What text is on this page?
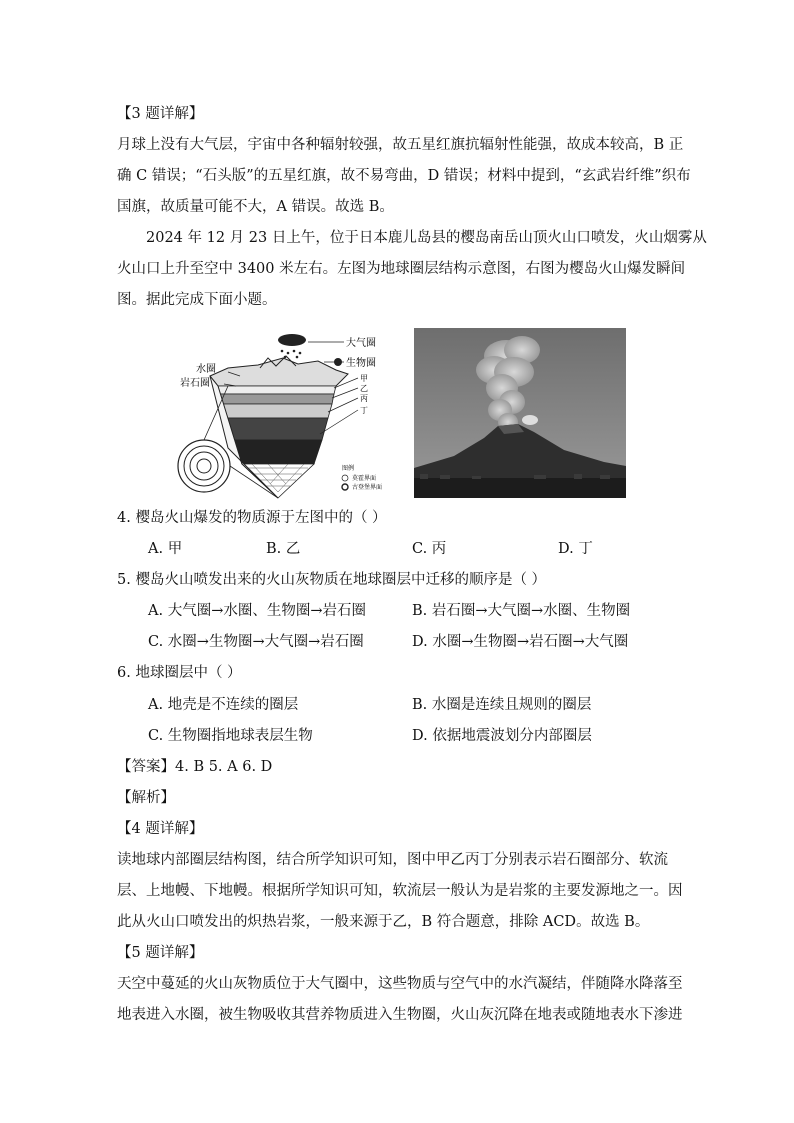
【3 题详解】
月球上没有大气层，宇宙中各种辐射较强，故五星红旗抗辐射性能强，故成本较高，B 正
确 C 错误；“石头版”的五星红旗，故不易弯曲，D 错误；材料中提到，“玄武岩纤维”织布
国旗，故质量可能不大，A 错误。故选 B。
2024 年 12 月 23 日上午，位于日本鹿儿岛县的樱岛南岳山顶火山口喷发，火山烟雾从
火山口上升至空中 3400 米左右。左图为地球圈层结构示意图，右图为樱岛火山爆发瞬间
图。据此完成下面小题。
大气圈
生物圈
水圈
岩石圈	甲
乙
丙
丁
图例
莫霍界面
古登堡界面
4. 樱岛火山爆发的物质源于左图中的（ ）
A. 甲	B. 乙	C. 丙	D. 丁
5. 樱岛火山喷发出来的火山灰物质在地球圈层中迁移的顺序是（ ）
A. 大气圈→水圈、生物圈→岩石圈	B. 岩石圈→大气圈→水圈、生物圈
C. 水圈→生物圈→大气圈→岩石圈	D. 水圈→生物圈→岩石圈→大气圈
6. 地球圈层中（ ）
A. 地壳是不连续的圈层	B. 水圈是连续且规则的圈层
C. 生物圈指地球表层生物	D. 依据地震波划分内部圈层
【答案】4. B 5. A 6. D
【解析】
【4 题详解】
读地球内部圈层结构图，结合所学知识可知，图中甲乙丙丁分别表示岩石圈部分、软流
层、上地幔、下地幔。根据所学知识可知，软流层一般认为是岩浆的主要发源地之一。因
此从火山口喷发出的炽热岩浆，一般来源于乙，B 符合题意，排除 ACD。故选 B。
【5 题详解】
天空中蔓延的火山灰物质位于大气圈中，这些物质与空气中的水汽凝结，伴随降水降落至
地表进入水圈，被生物吸收其营养物质进入生物圈，火山灰沉降在地表或随地表水下渗进
